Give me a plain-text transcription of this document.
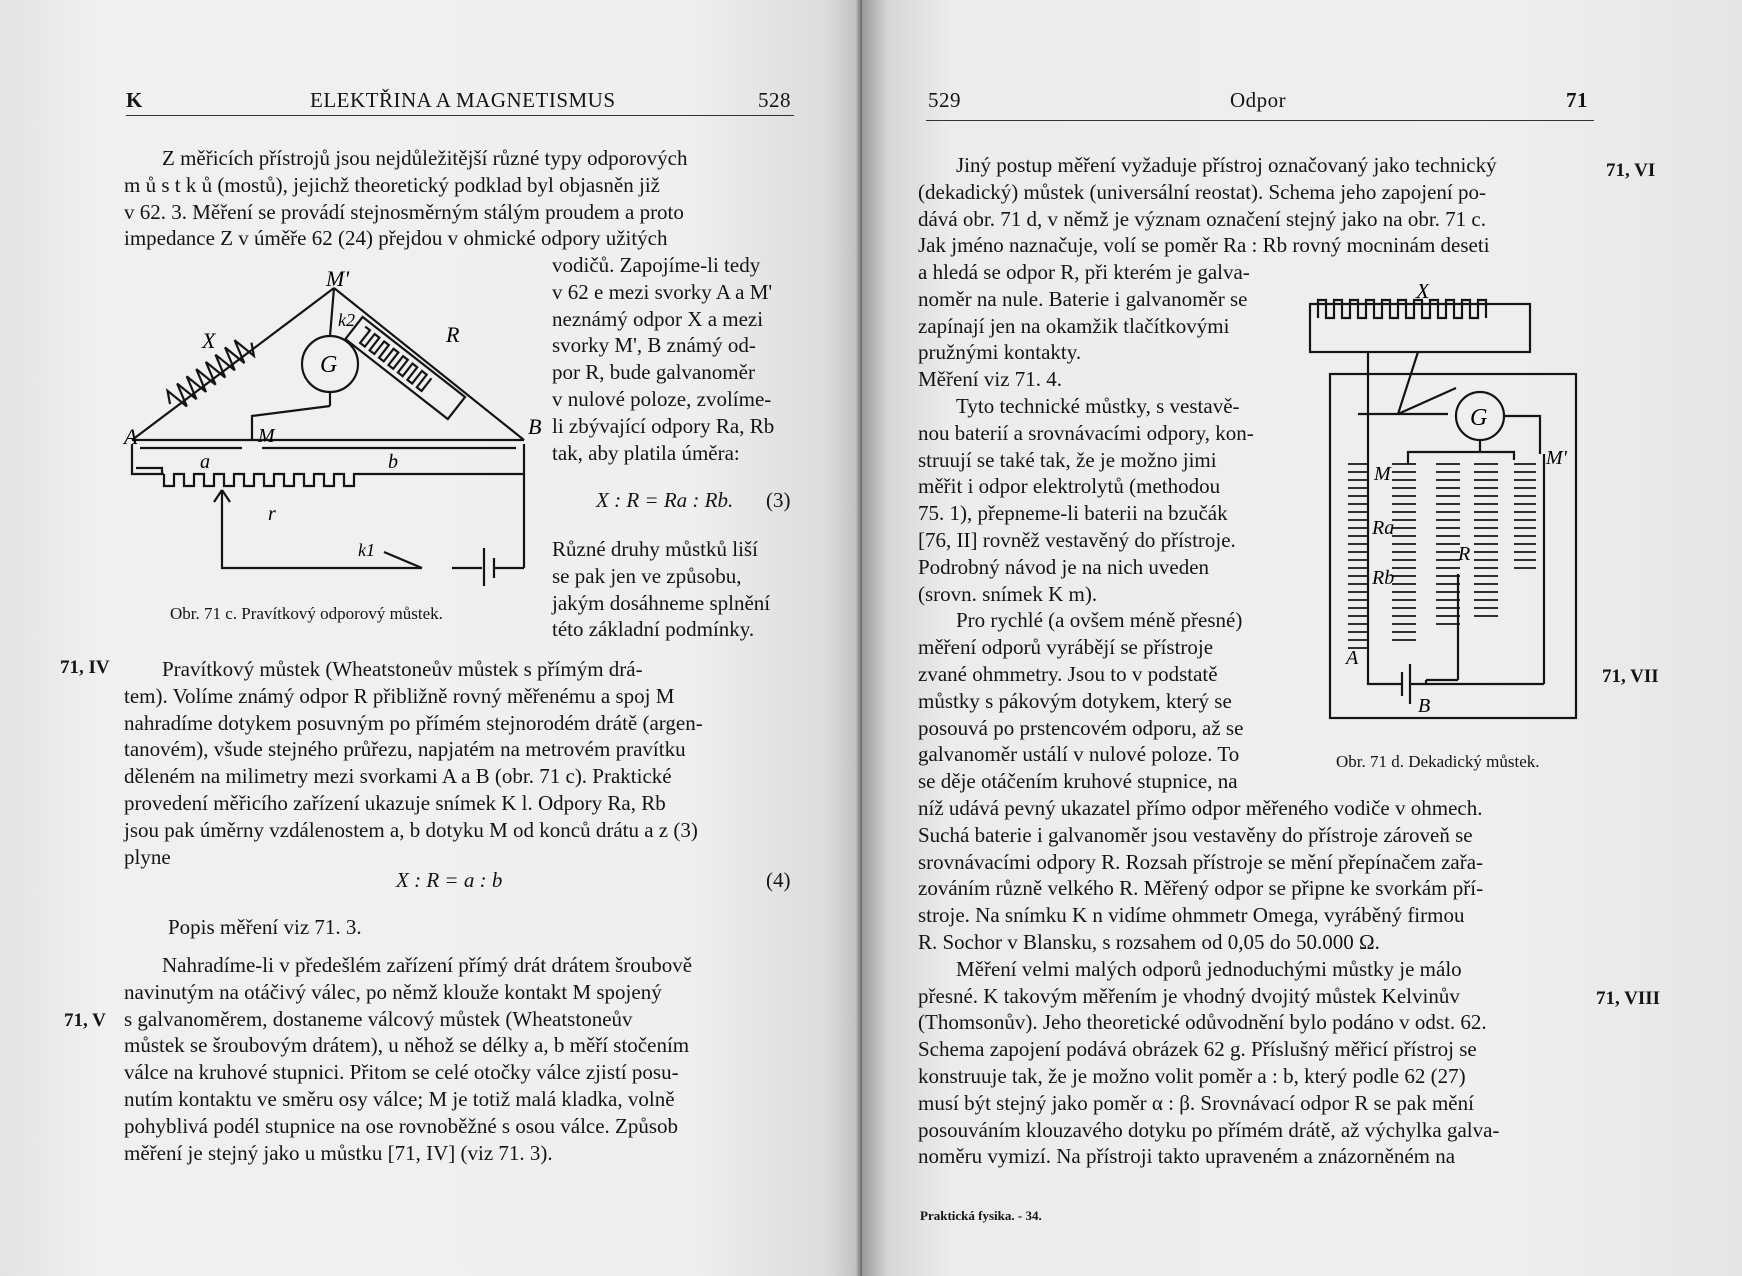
K	ELEKTŘINA A MAGNETISMUS	528

Z měřicích přístrojů jsou nejdůležitější různé typy odporových

m ů s t k ů (mostů), jejichž theoretický podklad byl objasněn již

v 62. 3. Měření se provádí stejnosměrným stálým proudem a proto

impedance Z v úměře 62 (24) přejdou v ohmické odpory užitých

vodičů. Zapojíme-li tedy

v 62 e mezi svorky A a M'

neznámý odpor X a mezi

svorky M', B známý od-

por R, bude galvanoměr

v nulové poloze, zvolíme-

li zbývající odpory Ra, Rb

tak, aby platila úměra:

X : R = Ra : Rb. (3)

Různé druhy můstků liší

se pak jen ve způsobu,

jakým dosáhneme splnění

této základní podmínky.

M'
k2
X	R
G
A	M	B
a	b
r
k1
Obr. 71 c. Pravítkový odporový můstek.
71, IV	Pravítkový můstek (Wheatstoneův můstek s přímým drá-

tem). Volíme známý odpor R přibližně rovný měřenému a spoj M

nahradíme dotykem posuvným po přímém stejnorodém drátě (argen-

tanovém), všude stejného průřezu, napjatém na metrovém pravítku

děleném na milimetry mezi svorkami A a B (obr. 71 c). Praktické

provedení měřicího zařízení ukazuje snímek K l. Odpory Ra, Rb

jsou pak úměrny vzdálenostem a, b dotyku M od konců drátu a z (3)

plyne

X : R = a : b	(4)
Popis měření viz 71. 3.
71, V

Nahradíme-li v předešlém zařízení přímý drát drátem šroubově

navinutým na otáčivý válec, po němž klouže kontakt M spojený

s galvanoměrem, dostaneme válcový můstek (Wheatstoneův

můstek se šroubovým drátem), u něhož se délky a, b měří stočením

válce na kruhové stupnici. Přitom se celé otočky válce zjistí posu-

nutím kontaktu ve směru osy válce; M je totiž malá kladka, volně

pohyblivá podél stupnice na ose rovnoběžné s osou válce. Způsob

měření je stejný jako u můstku [71, IV] (viz 71. 3).

529	Odpor	71

Jiný postup měření vyžaduje přístroj označovaný jako technický

(dekadický) můstek (universální reostat). Schema jeho zapojení po-

dává obr. 71 d, v němž je význam označení stejný jako na obr. 71 c.

Jak jméno naznačuje, volí se poměr Ra : Rb rovný mocninám deseti

71, VI

a hledá se odpor R, při kterém je galva-

noměr na nule. Baterie i galvanoměr se

zapínají jen na okamžik tlačítkovými

pružnými kontakty.

Měření viz 71. 4.

Tyto technické můstky, s vestavě-

nou baterií a srovnávacími odpory, kon-

struují se také tak, že je možno jimi

měřit i odpor elektrolytů (methodou

75. 1), přepneme-li baterii na bzučák

[76, II] rovněž vestavěný do přístroje.

Podrobný návod je na nich uveden

(srovn. snímek K m).

Pro rychlé (a ovšem méně přesné)

měření odporů vyrábějí se přístroje

zvané ohmmetry. Jsou to v podstatě

můstky s pákovým dotykem, který se

posouvá po prstencovém odporu, až se

galvanoměr ustálí v nulové poloze. To

se děje otáčením kruhové stupnice, na

71, VII
X
G
M
M'
Ra
Rb
R
A
B
Obr. 71 d. Dekadický můstek.

níž udává pevný ukazatel přímo odpor měřeného vodiče v ohmech.

Suchá baterie i galvanoměr jsou vestavěny do přístroje zároveň se

srovnávacími odpory R. Rozsah přístroje se mění přepínačem zařa-

zováním různě velkého R. Měřený odpor se připne ke svorkám pří-

stroje. Na snímku K n vidíme ohmmetr Omega, vyráběný firmou

R. Sochor v Blansku, s rozsahem od 0,05 do 50.000 Ω.

Měření velmi malých odporů jednoduchými můstky je málo

přesné. K takovým měřením je vhodný dvojitý můstek Kelvinův

(Thomsonův). Jeho theoretické odůvodnění bylo podáno v odst. 62.

Schema zapojení podává obrázek 62 g. Příslušný měřicí přístroj se

konstruuje tak, že je možno volit poměr a : b, který podle 62 (27)

musí být stejný jako poměr α : β. Srovnávací odpor R se pak mění

posouváním klouzavého dotyku po přímém drátě, až výchylka galva-

noměru vymizí. Na přístroji takto upraveném a znázorněném na

71, VIII
Praktická fysika. - 34.
